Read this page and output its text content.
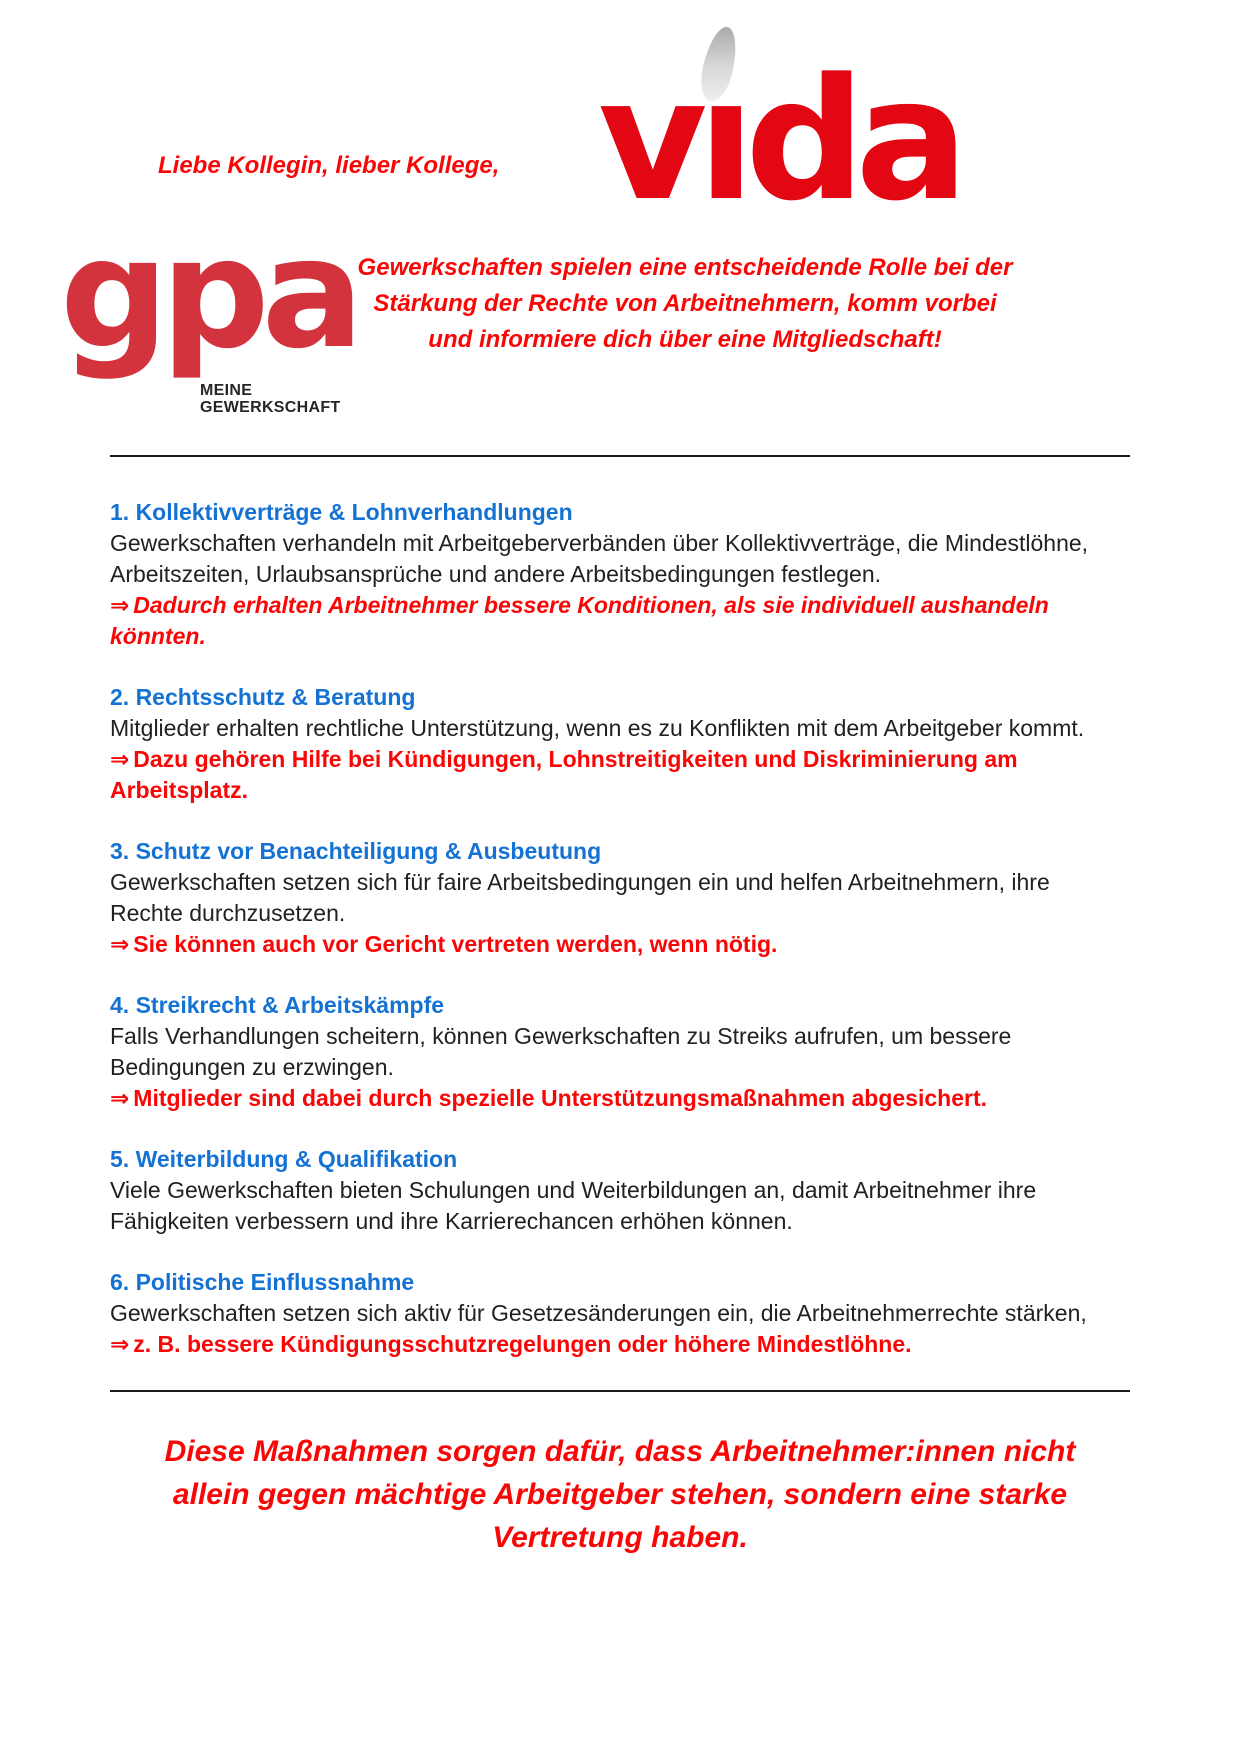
Liebe Kollegin, lieber Kollege, vıda
gpa
MEINE
GEWERKSCHAFT
Gewerkschaften spielen eine entscheidende Rolle bei der Stärkung der Rechte von Arbeitnehmern, komm vorbei und informiere dich über eine Mitgliedschaft!
1. Kollektivverträge & Lohnverhandlungen

Gewerkschaften verhandeln mit Arbeitgeberverbänden über Kollektivverträge, die Mindestlöhne, Arbeitszeiten, Urlaubsansprüche und andere Arbeitsbedingungen festlegen.

⇒ Dadurch erhalten Arbeitnehmer bessere Konditionen, als sie individuell aushandeln könnten.

2. Rechtsschutz & Beratung

Mitglieder erhalten rechtliche Unterstützung, wenn es zu Konflikten mit dem Arbeitgeber kommt.

⇒ Dazu gehören Hilfe bei Kündigungen, Lohnstreitigkeiten und Diskriminierung am Arbeitsplatz.

3. Schutz vor Benachteiligung & Ausbeutung

Gewerkschaften setzen sich für faire Arbeitsbedingungen ein und helfen Arbeitnehmern, ihre Rechte durchzusetzen.

⇒ Sie können auch vor Gericht vertreten werden, wenn nötig.

4. Streikrecht & Arbeitskämpfe

Falls Verhandlungen scheitern, können Gewerkschaften zu Streiks aufrufen, um bessere Bedingungen zu erzwingen.

⇒ Mitglieder sind dabei durch spezielle Unterstützungsmaßnahmen abgesichert.

5. Weiterbildung & Qualifikation

Viele Gewerkschaften bieten Schulungen und Weiterbildungen an, damit Arbeitnehmer ihre Fähigkeiten verbessern und ihre Karrierechancen erhöhen können.

6. Politische Einflussnahme

Gewerkschaften setzen sich aktiv für Gesetzesänderungen ein, die Arbeitnehmerrechte stärken,

⇒ z. B. bessere Kündigungsschutzregelungen oder höhere Mindestlöhne.

Diese Maßnahmen sorgen dafür, dass Arbeitnehmer:innen nicht allein gegen mächtige Arbeitgeber stehen, sondern eine starke Vertretung haben.
